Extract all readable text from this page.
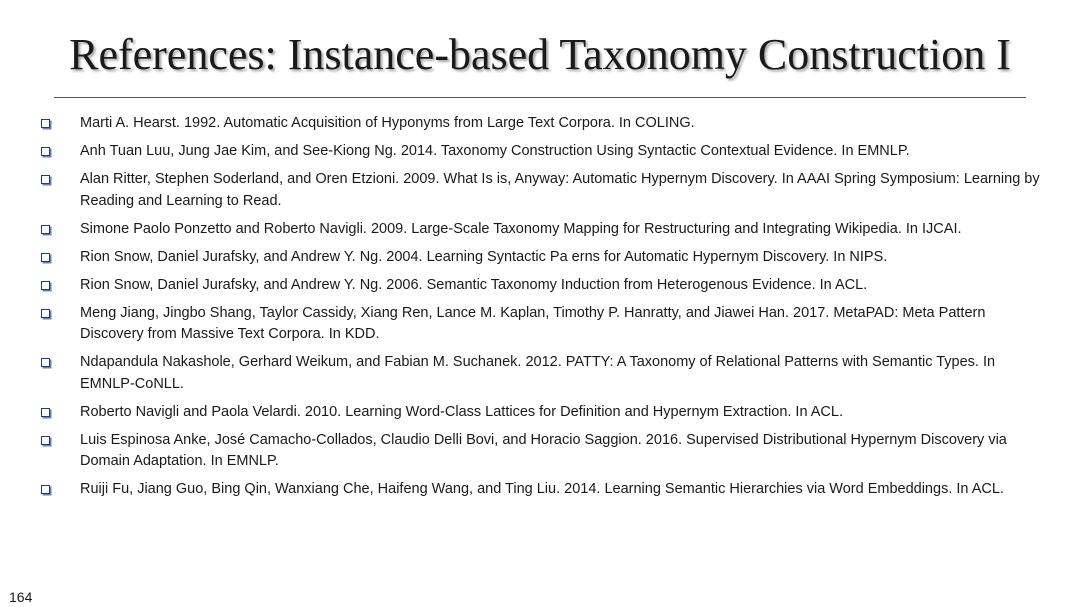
References: Instance-based Taxonomy Construction I
Marti A. Hearst. 1992. Automatic Acquisition of Hyponyms from Large Text Corpora. In COLING.
Anh Tuan Luu, Jung Jae Kim, and See-Kiong Ng. 2014. Taxonomy Construction Using Syntactic Contextual Evidence. In EMNLP.
Alan Ritter, Stephen Soderland, and Oren Etzioni. 2009. What Is is, Anyway: Automatic Hypernym Discovery. In AAAI Spring Symposium: Learning by Reading and Learning to Read.
Simone Paolo Ponzetto and Roberto Navigli. 2009. Large-Scale Taxonomy Mapping for Restructuring and Integrating Wikipedia. In IJCAI.
Rion Snow, Daniel Jurafsky, and Andrew Y. Ng. 2004. Learning Syntactic Pa erns for Automatic Hypernym Discovery. In NIPS.
Rion Snow, Daniel Jurafsky, and Andrew Y. Ng. 2006. Semantic Taxonomy Induction from Heterogenous Evidence. In ACL.
Meng Jiang, Jingbo Shang, Taylor Cassidy, Xiang Ren, Lance M. Kaplan, Timothy P. Hanratty, and Jiawei Han. 2017. MetaPAD: Meta Pattern Discovery from Massive Text Corpora. In KDD.
Ndapandula Nakashole, Gerhard Weikum, and Fabian M. Suchanek. 2012. PATTY: A Taxonomy of Relational Patterns with Semantic Types. In EMNLP-CoNLL.
Roberto Navigli and Paola Velardi. 2010. Learning Word-Class Lattices for Definition and Hypernym Extraction. In ACL.
Luis Espinosa Anke, José Camacho-Collados, Claudio Delli Bovi, and Horacio Saggion. 2016. Supervised Distributional Hypernym Discovery via Domain Adaptation. In EMNLP.
Ruiji Fu, Jiang Guo, Bing Qin, Wanxiang Che, Haifeng Wang, and Ting Liu. 2014. Learning Semantic Hierarchies via Word Embeddings. In ACL.
164
